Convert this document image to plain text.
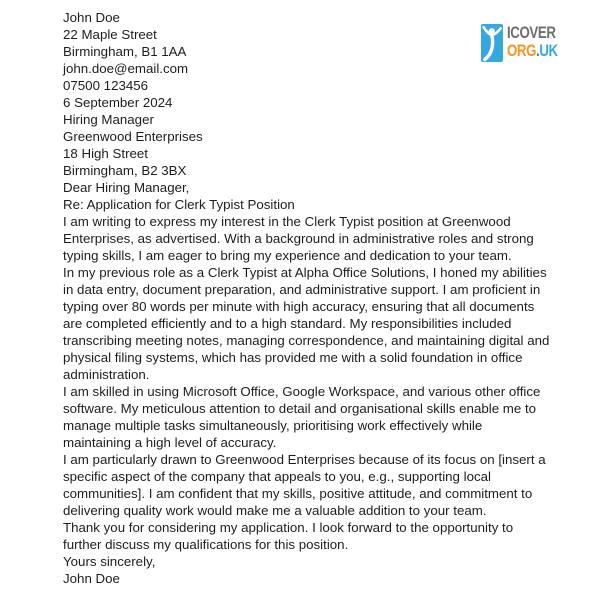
ICOVER
ORG.UK
John Doe
22 Maple Street
Birmingham, B1 1AA
john.doe@email.com
07500 123456
6 September 2024
Hiring Manager
Greenwood Enterprises
18 High Street
Birmingham, B2 3BX
Dear Hiring Manager,
Re: Application for Clerk Typist Position

I am writing to express my interest in the Clerk Typist position at Greenwood Enterprises, as advertised. With a background in administrative roles and strong typing skills, I am eager to bring my experience and dedication to your team.

In my previous role as a Clerk Typist at Alpha Office Solutions, I honed my abilities in data entry, document preparation, and administrative support. I am proficient in typing over 80 words per minute with high accuracy, ensuring that all documents are completed efficiently and to a high standard. My responsibilities included transcribing meeting notes, managing correspondence, and maintaining digital and physical filing systems, which has provided me with a solid foundation in office administration.

I am skilled in using Microsoft Office, Google Workspace, and various other office software. My meticulous attention to detail and organisational skills enable me to manage multiple tasks simultaneously, prioritising work effectively while maintaining a high level of accuracy.

I am particularly drawn to Greenwood Enterprises because of its focus on [insert a specific aspect of the company that appeals to you, e.g., supporting local communities]. I am confident that my skills, positive attitude, and commitment to delivering quality work would make me a valuable addition to your team.

Thank you for considering my application. I look forward to the opportunity to further discuss my qualifications for this position.

Yours sincerely,
John Doe
